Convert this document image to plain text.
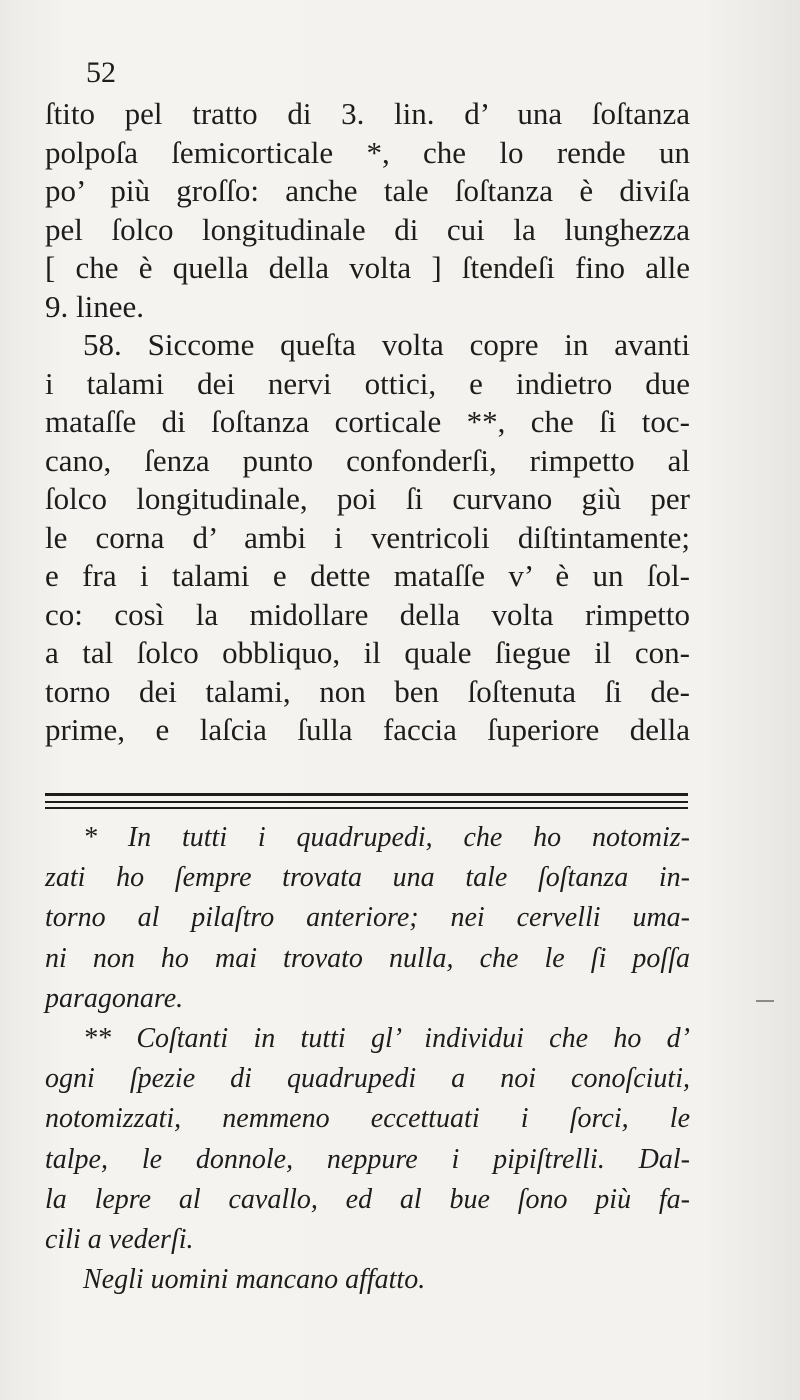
52
ſtito pel tratto di 3. lin. d’ una ſoſtanza
polpoſa ſemicorticale *, che lo rende un
po’ più groſſo: anche tale ſoſtanza è diviſa
pel ſolco longitudinale di cui la lunghezza
[ che è quella della volta ] ſtendeſi fino alle
9. linee.
58. Siccome queſta volta copre in avanti
i talami dei nervi ottici, e indietro due
mataſſe di ſoſtanza corticale **, che ſi toc-
cano, ſenza punto confonderſi, rimpetto al
ſolco longitudinale, poi ſi curvano giù per
le corna d’ ambi i ventricoli diſtintamente;
e fra i talami e dette mataſſe v’ è un ſol-
co: così la midollare della volta rimpetto
a tal ſolco obbliquo, il quale ſiegue il con-
torno dei talami, non ben ſoſtenuta ſi de-
prime, e laſcia ſulla faccia ſuperiore della
* In tutti i quadrupedi, che ho notomiz-
zati ho ſempre trovata una tale ſoſtanza in-
torno al pilaſtro anteriore; nei cervelli uma-
ni non ho mai trovato nulla, che le ſi poſſa
paragonare.
** Coſtanti in tutti gl’ individui che ho d’
ogni ſpezie di quadrupedi a noi conoſciuti,
notomizzati, nemmeno eccettuati i ſorci, le
talpe, le donnole, neppure i pipiſtrelli. Dal-
la lepre al cavallo, ed al bue ſono più fa-
cili a vederſi.
Negli uomini mancano affatto.
